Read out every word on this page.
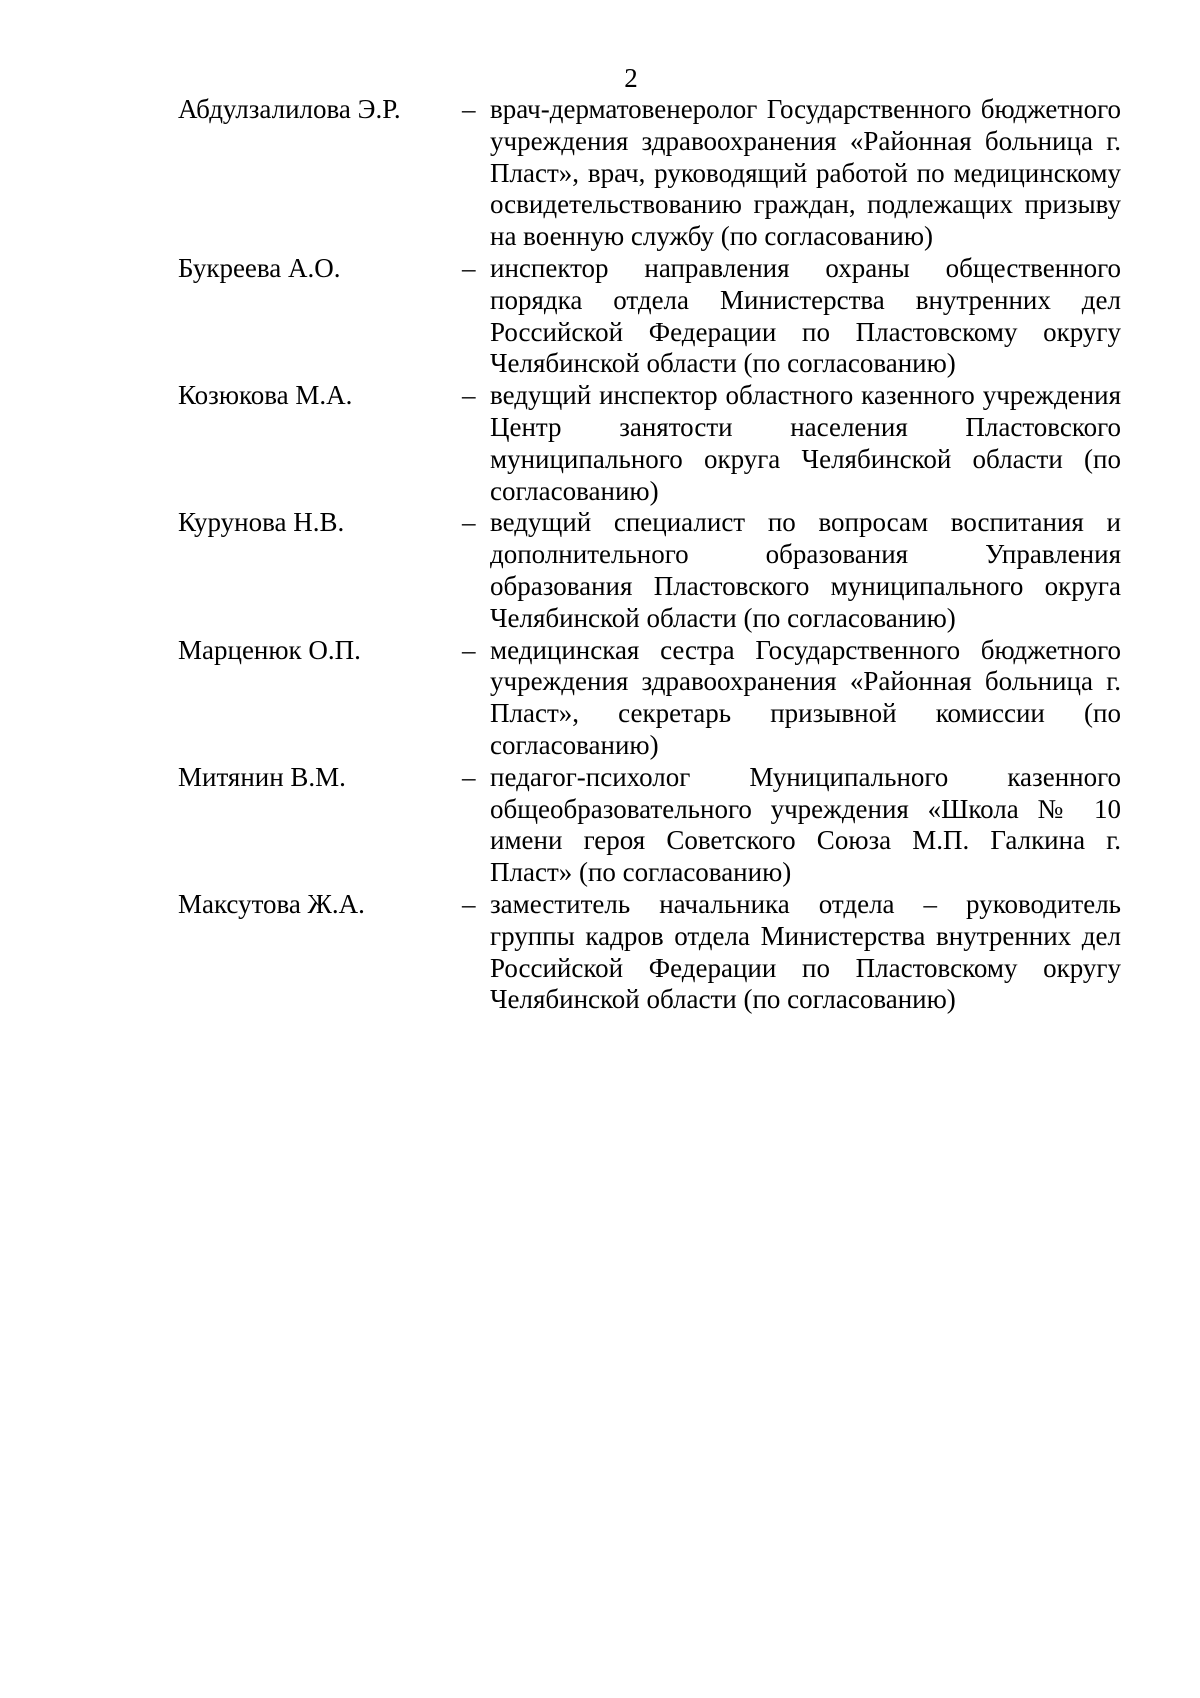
2
Абдулзалилова Э.Р.	– врач-дерматовенеролог Государственного бюджетного учреждения здравоохранения «Районная больница г. Пласт», врач, руководящий работой по медицинскому освидетельствованию граждан, подлежащих призыву на военную службу (по согласованию)
Букреева А.О.	– инспектор направления охраны общественного порядка отдела Министерства внутренних дел Российской Федерации по Пластовскому округу Челябинской области (по согласованию)
Козюкова М.А.	– ведущий инспектор областного казенного учреждения Центр занятости населения Пластовского муниципального округа Челябинской области (по согласованию)
Курунова Н.В.	– ведущий специалист по вопросам воспитания и дополнительного образования Управления образования Пластовского муниципального округа Челябинской области (по согласованию)
Марценюк О.П.	– медицинская сестра Государственного бюджетного учреждения здравоохранения «Районная больница г. Пласт», секретарь призывной комиссии (по согласованию)
Митянин В.М.	– педагог-психолог Муниципального казенного общеобразовательного учреждения «Школа № 10 имени героя Советского Союза М.П. Галкина г. Пласт» (по согласованию)
Максутова Ж.А.	– заместитель начальника отдела – руководитель группы кадров отдела Министерства внутренних дел Российской Федерации по Пластовскому округу Челябинской области (по согласованию)
